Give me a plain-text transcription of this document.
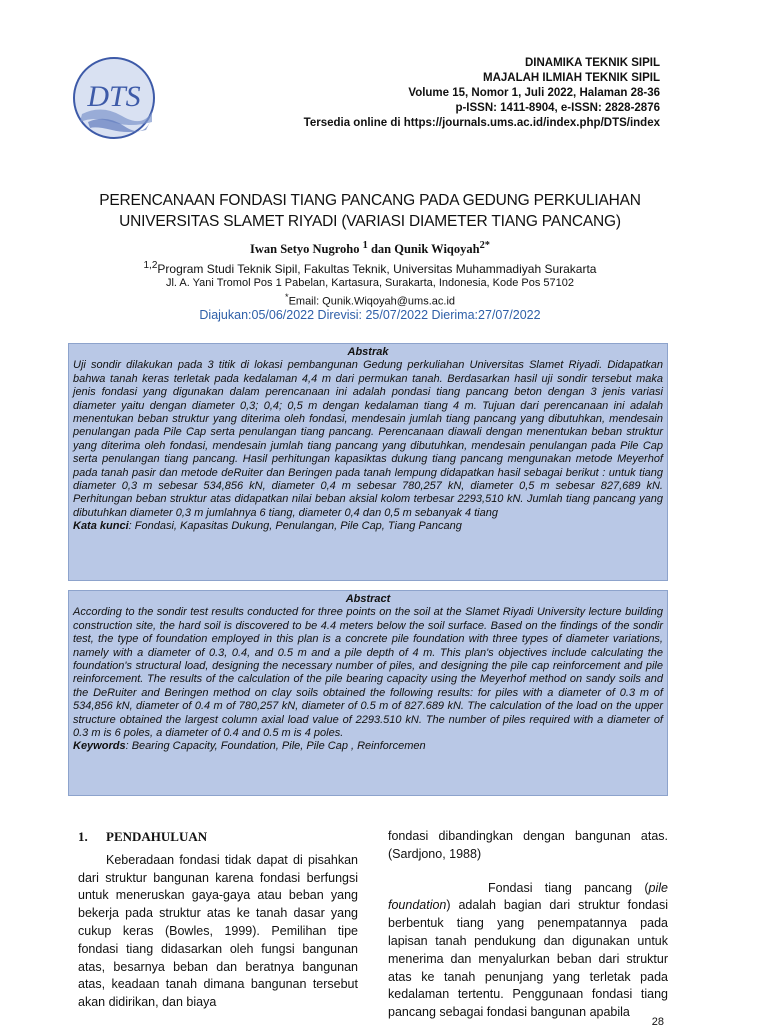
DTS
DINAMIKA TEKNIK SIPIL
MAJALAH ILMIAH TEKNIK SIPIL
Volume 15, Nomor 1, Juli 2022, Halaman 28-36
p-ISSN: 1411-8904, e-ISSN: 2828-2876
Tersedia online di https://journals.ums.ac.id/index.php/DTS/index
PERENCANAAN FONDASI TIANG PANCANG PADA GEDUNG PERKULIAHAN
UNIVERSITAS SLAMET RIYADI (VARIASI DIAMETER TIANG PANCANG)
Iwan Setyo Nugroho $^1$ dan Qunik Wiqoyah$^{2*}$
$^{1,2}$Program Studi Teknik Sipil, Fakultas Teknik, Universitas Muhammadiyah Surakarta
Jl. A. Yani Tromol Pos 1 Pabelan, Kartasura, Surakarta, Indonesia, Kode Pos 57102
*Email: Qunik.Wiqoyah@ums.ac.id
Diajukan:05/06/2022 Direvisi: 25/07/2022 Dierima:27/07/2022
Abstrak
Uji sondir dilakukan pada 3 titik di lokasi pembangunan Gedung perkuliahan Universitas Slamet Riyadi. Didapatkan bahwa tanah keras terletak pada kedalaman 4,4 m dari permukan tanah. Berdasarkan hasil uji sondir tersebut maka jenis fondasi yang digunakan dalam perencanaan ini adalah pondasi tiang pancang beton dengan 3 jenis variasi diameter yaitu dengan diameter 0,3; 0,4; 0,5 m dengan kedalaman tiang 4 m. Tujuan dari perencanaan ini adalah menentukan beban struktur yang diterima oleh fondasi, mendesain jumlah tiang pancang yang dibutuhkan, mendesain penulangan pada Pile Cap serta penulangan tiang pancang. Perencanaan diawali dengan menentukan beban struktur yang diterima oleh fondasi, mendesain jumlah tiang pancang yang dibutuhkan, mendesain penulangan pada Pile Cap serta penulangan tiang pancang. Hasil perhitungan kapasiktas dukung tiang pancang mengunakan metode Meyerhof pada tanah pasir dan metode deRuiter dan Beringen pada tanah lempung didapatkan hasil sebagai berikut : untuk tiang diameter 0,3 m sebesar 534,856 kN, diameter 0,4 m sebesar 780,257 kN, diameter 0,5 m sebesar 827,689 kN. Perhitungan beban struktur atas didapatkan nilai beban aksial kolom terbesar 2293,510 kN. Jumlah tiang pancang yang dibutuhkan diameter 0,3 m jumlahnya 6 tiang, diameter 0,4 dan 0,5 m sebanyak 4 tiang
Kata kunci: Fondasi, Kapasitas Dukung, Penulangan, Pile Cap, Tiang Pancang
Abstract
According to the sondir test results conducted for three points on the soil at the Slamet Riyadi University lecture building construction site, the hard soil is discovered to be 4.4 meters below the soil surface. Based on the findings of the sondir test, the type of foundation employed in this plan is a concrete pile foundation with three types of diameter variations, namely with a diameter of 0.3, 0.4, and 0.5 m and a pile depth of 4 m. This plan's objectives include calculating the foundation's structural load, designing the necessary number of piles, and designing the pile cap reinforcement and pile reinforcement. The results of the calculation of the pile bearing capacity using the Meyerhof method on sandy soils and the DeRuiter and Beringen method on clay soils obtained the following results: for piles with a diameter of 0.3 m of 534,856 kN, diameter of 0.4 m of 780,257 kN, diameter of 0.5 m of 827.689 kN. The calculation of the load on the upper structure obtained the largest column axial load value of 2293.510 kN. The number of piles required with a diameter of 0.3 m is 6 poles, a diameter of 0.4 and 0.5 m is 4 poles.
Keywords: Bearing Capacity, Foundation, Pile, Pile Cap , Reinforcemen
1. PENDAHULUAN
Keberadaan fondasi tidak dapat di pisahkan dari struktur bangunan karena fondasi berfungsi untuk meneruskan gaya-gaya atau beban yang bekerja pada struktur atas ke tanah dasar yang cukup keras (Bowles, 1999). Pemilihan tipe fondasi tiang didasarkan oleh fungsi bangunan atas, besarnya beban dan beratnya bangunan atas, keadaan tanah dimana bangunan tersebut akan didirikan, dan biaya
fondasi dibandingkan dengan bangunan atas. (Sardjono, 1988)
Fondasi tiang pancang (pile foundation) adalah bagian dari struktur fondasi berbentuk tiang yang penempatannya pada lapisan tanah pendukung dan digunakan untuk menerima dan menyalurkan beban dari struktur atas ke tanah penunjang yang terletak pada kedalaman tertentu. Penggunaan fondasi tiang pancang sebagai fondasi bangunan apabila
28
